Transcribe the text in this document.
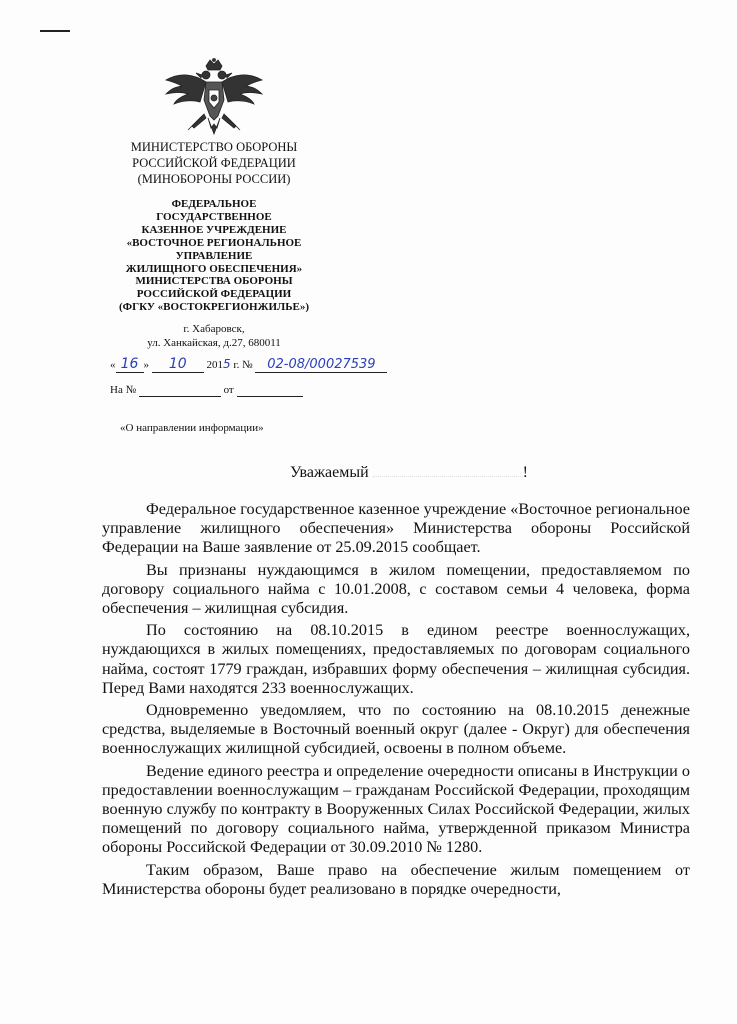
МИНИСТЕРСТВО ОБОРОНЫ
РОССИЙСКОЙ ФЕДЕРАЦИИ
(МИНОБОРОНЫ РОССИИ)
ФЕДЕРАЛЬНОЕ
ГОСУДАРСТВЕННОЕ
КАЗЕННОЕ УЧРЕЖДЕНИЕ
«ВОСТОЧНОЕ РЕГИОНАЛЬНОЕ
УПРАВЛЕНИЕ
ЖИЛИЩНОГО ОБЕСПЕЧЕНИЯ»
МИНИСТЕРСТВА ОБОРОНЫ
РОССИЙСКОЙ ФЕДЕРАЦИИ
(ФГКУ «ВОСТОКРЕГИОНЖИЛЬЕ»)
г. Хабаровск,
ул. Ханкайская, д.27, 680011
« 16 » 10 2015 г. № 02-08/00027539
На №	от
«О направлении информации»
Уважаемый	!

Федеральное государственное казенное учреждение «Восточное региональное управление жилищного обеспечения» Министерства обороны Российской Федерации на Ваше заявление от 25.09.2015 сообщает.

Вы признаны нуждающимся в жилом помещении, предоставляемом по договору социального найма с 10.01.2008, с составом семьи 4 человека, форма обеспечения – жилищная субсидия.

По состоянию на 08.10.2015 в едином реестре военнослужащих, нуждающихся в жилых помещениях, предоставляемых по договорам социального найма, состоят 1779 граждан, избравших форму обеспечения – жилищная субсидия. Перед Вами находятся 233 военнослужащих.

Одновременно уведомляем, что по состоянию на 08.10.2015 денежные средства, выделяемые в Восточный военный округ (далее - Округ) для обеспечения военнослужащих жилищной субсидией, освоены в полном объеме.

Ведение единого реестра и определение очередности описаны в Инструкции о предоставлении военнослужащим – гражданам Российской Федерации, проходящим военную службу по контракту в Вооруженных Силах Российской Федерации, жилых помещений по договору социального найма, утвержденной приказом Министра обороны Российской Федерации от 30.09.2010 № 1280.

Таким образом, Ваше право на обеспечение жилым помещением от Министерства обороны будет реализовано в порядке очередности,
